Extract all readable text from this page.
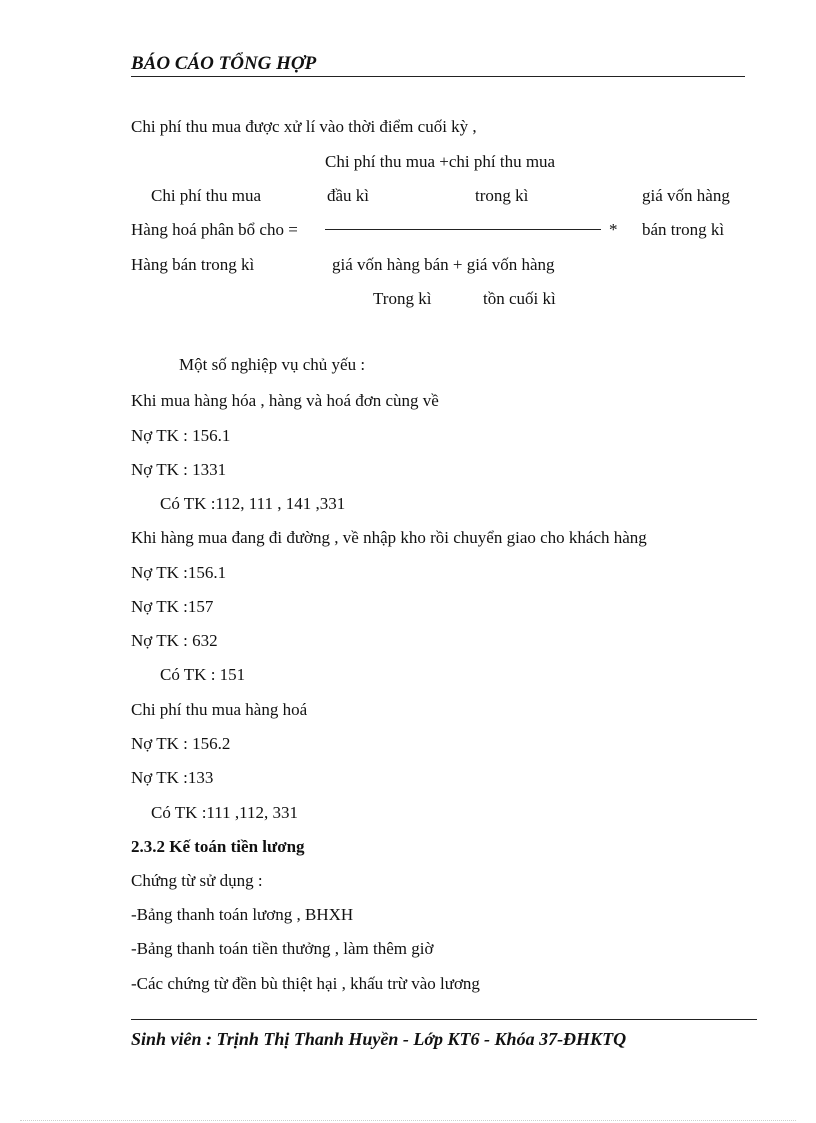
BÁO CÁO TỔNG HỢP
Chi phí thu mua được xử lí vào thời điểm cuối kỳ ,
Chi phí thu mua +chi phí thu mua
Chi phí thu mua	đầu kì	trong kì	giá vốn hàng
Hàng hoá phân bổ cho =	* bán trong kì
Hàng bán trong kì	giá vốn hàng bán + giá vốn hàng
Trong kì	tồn cuối kì
Một số nghiệp vụ chủ yếu :
Khi mua hàng hóa , hàng và hoá đơn cùng về
Nợ TK : 156.1
Nợ TK : 1331
Có TK :112, 111 , 141 ,331
Khi hàng mua đang đi đường , về nhập kho rồi chuyển giao cho khách hàng
Nợ TK :156.1
Nợ TK :157
Nợ TK : 632
Có TK : 151
Chi phí thu mua hàng hoá
Nợ TK : 156.2
Nợ TK :133
Có TK :111 ,112, 331
2.3.2 Kế toán tiền lương
Chứng từ sử dụng :
-Bảng thanh toán lương , BHXH
-Bảng thanh toán tiền thưởng , làm thêm giờ
-Các chứng từ đền bù thiệt hại , khấu trừ vào lương
Sinh viên : Trịnh Thị Thanh Huyền - Lớp KT6 - Khóa 37-ĐHKTQ
